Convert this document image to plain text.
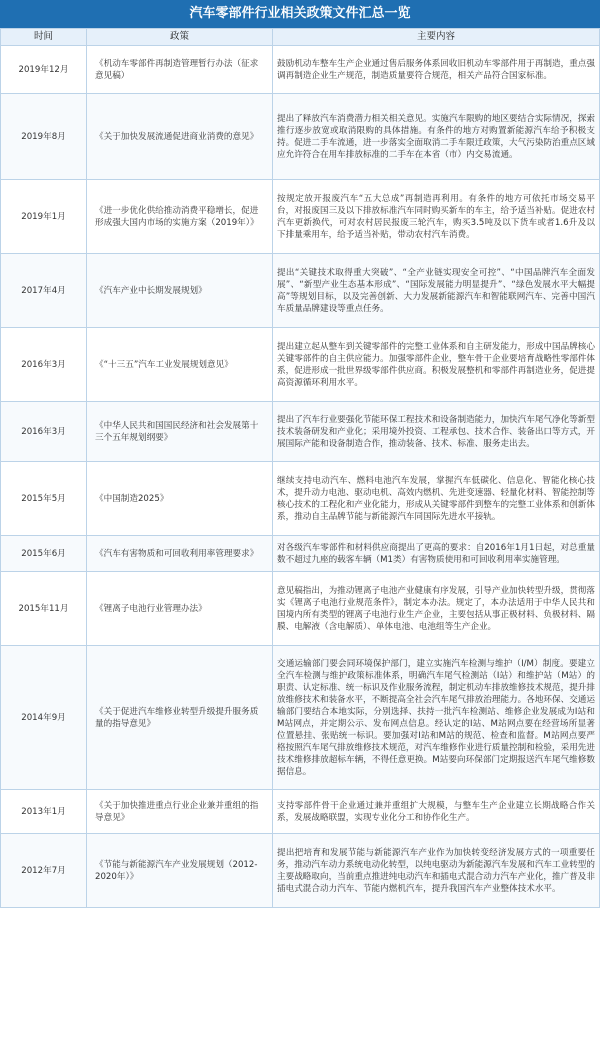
汽车零部件行业相关政策文件汇总一览
时间	政策	主要内容
2019年12月	《机动车零部件再制造管理暂行办法（征求意见稿）	鼓励机动车整车生产企业通过售后服务体系回收旧机动车零部件用于再制造，重点强调再制造企业生产规范，制造质量要符合规范，相关产品符合国家标准。
2019年8月	《关于加快发展流通促进商业消费的意见》	提出了释放汽车消费潜力相关相关意见。实施汽车限购的地区要结合实际情况，探索推行逐步放宽或取消限购的具体措施。有条件的地方对购置新能源汽车给予积极支持。促进二手车流通，进一步落实全面取消二手车限迁政策，大气污染防治重点区域应允许符合在用车排放标准的二手车在本省（市）内交易流通。
2019年1月	《进一步优化供给推动消费平稳增长，促进形成强大国内市场的实施方案（2019年）》	按规定放开报废汽车“五大总成”再制造再利用。有条件的地方可依托市场交易平台，对报废国三及以下排放标准汽车同时购买新车的车主，给予适当补贴。促进农村汽车更新换代，可对农村居民报废三轮汽车，购买3.5吨及以下货车或者1.6升及以下排量乘用车，给予适当补贴，带动农村汽车消费。
2017年4月	《汽车产业中长期发展规划》	提出“关键技术取得重大突破”、“全产业链实现安全可控”、“中国品牌汽车全面发展”、“新型产业生态基本形成”、“国际发展能力明显提升”、“绿色发展水平大幅提高”等规划目标，以及完善创新、大力发展新能源汽车和智能联网汽车、完善中国汽车质量品牌建设等重点任务。
2016年3月	《“十三五”汽车工业发展规划意见》	提出建立起从整车到关键零部件的完整工业体系和自主研发能力，形成中国品牌核心关键零部件的自主供应能力。加强零部件企业，整车骨干企业要培育战略性零部件体系，促进形成一批世界级零部件供应商。积极发展整机和零部件再制造业务，促进提高资源循环利用水平。
2016年3月	《中华人民共和国国民经济和社会发展第十三个五年规划纲要》	提出了汽车行业要强化节能环保工程技术和设备制造能力，加快汽车尾气净化等新型技术装备研发和产业化；采用境外投资、工程承包、技术合作、装备出口等方式，开展国际产能和设备制造合作，推动装备、技术、标准、服务走出去。
2015年5月	《中国制造2025》	继续支持电动汽车、燃料电池汽车发展，掌握汽车低碳化、信息化、智能化核心技术，提升动力电池、驱动电机、高效内燃机、先进变速器、轻量化材料、智能控制等核心技术的工程化和产业化能力，形成从关键零部件到整车的完整工业体系和创新体系，推动自主品牌节能与新能源汽车同国际先进水平接轨。
2015年6月	《汽车有害物质和可回收利用率管理要求》	对各级汽车零部件和材料供应商提出了更高的要求：自2016年1月1日起，对总重量数不超过九座的载客车辆（M1类）有害物质使用和可回收利用率实施管理。
2015年11月	《锂离子电池行业管理办法》	意见稿指出，为推动锂离子电池产业健康有序发展，引导产业加快转型升级，贯彻落实《锂离子电池行业规范条件》，制定本办法。规定了，本办法适用于中华人民共和国境内所有类型的锂离子电池行业生产企业，主要包括从事正极材料、负极材料、隔膜、电解液（含电解质）、单体电池、电池组等生产企业。
2014年9月	《关于促进汽车维修业转型升级提升服务质量的指导意见》	交通运输部门要会同环境保护部门，建立实施汽车检测与维护（I/M）制度。要建立全汽车检测与维护政策标准体系，明确汽车尾气检测站（I站）和维护站（M站）的职责、认定标准、统一标识及作业服务流程，制定机动车排放维修技术规范，提升排放维修技术和装备水平，不断提高全社会汽车尾气排放治理能力。各地环保、交通运输部门要结合本地实际，分别选择、扶持一批汽车检测站、维修企业发展成为I站和M站网点，并定期公示、发布网点信息。经认定的I站、M站网点要在经营场所显著位置悬挂、张贴统一标识。要加强对I站和M站的规范、检查和监督。M站网点要严格按照汽车尾气排放维修技术规范，对汽车维修作业进行质量控制和检验，采用先进技术维修排放超标车辆，不得任意更换。M站要向环保部门定期报送汽车尾气维修数据信息。
2013年1月	《关于加快推进重点行业企业兼并重组的指导意见》	支持零部件骨干企业通过兼并重组扩大规模，与整车生产企业建立长期战略合作关系，发展战略联盟，实现专业化分工和协作化生产。
2012年7月	《节能与新能源汽车产业发展规划（2012-2020年）》	提出把培育和发展节能与新能源汽车产业作为加快转变经济发展方式的一项重要任务，推动汽车动力系统电动化转型，以纯电驱动为新能源汽车发展和汽车工业转型的主要战略取向，当前重点推进纯电动汽车和插电式混合动力汽车产业化，推广普及非插电式混合动力汽车、节能内燃机汽车，提升我国汽车产业整体技术水平。
